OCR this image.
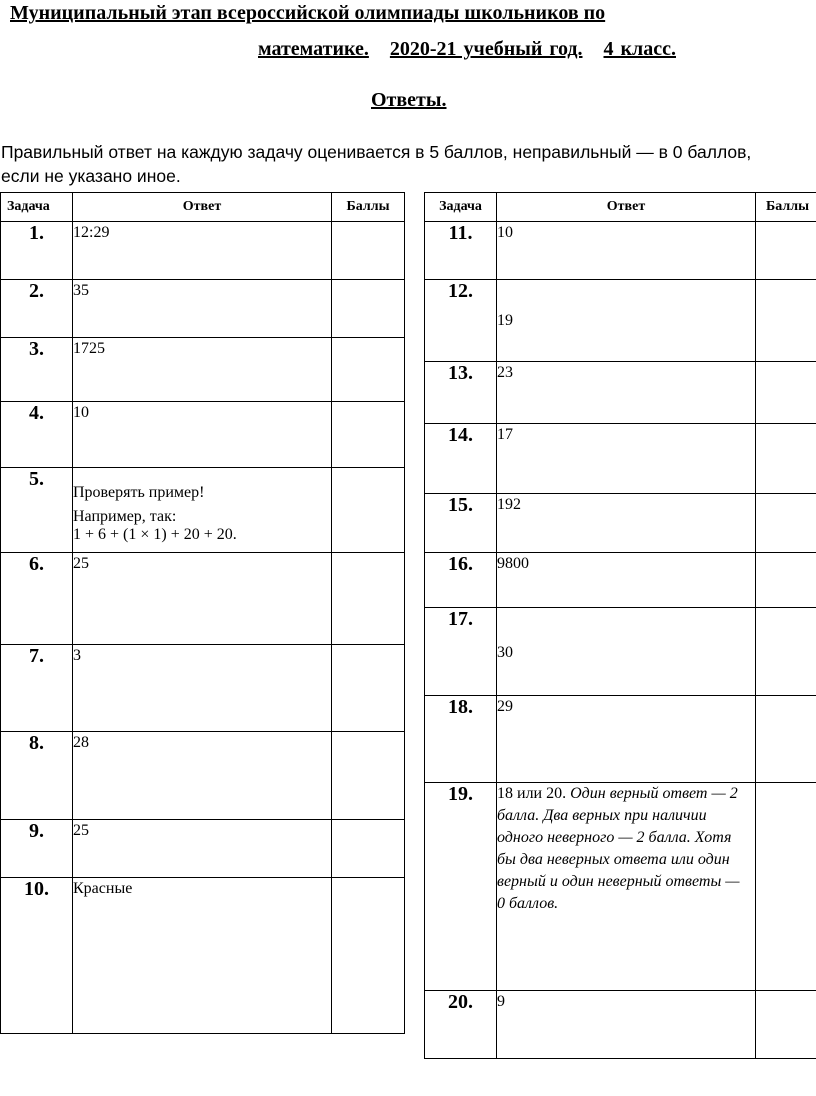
Муниципальный этап всероссийской олимпиады школьников по
математике. 2020-21 учебный год. 4 класс.
Ответы.
Правильный ответ на каждую задачу оценивается в 5 баллов, неправильный — в 0 баллов,
если не указано иное.
Задача	Ответ	Баллы
1.	12:29	
2.	35	
3.	1725	
4.	10	
5.	Проверять пример!
Например, так:
1 + 6 + (1 × 1) + 20 + 20.	

6.	25	
7.	3	
8.	28	
9.	25	
10.	Красные	
Задача	Ответ	Баллы
11.	10	
12.	19	
13.	23	
14.	17	
15.	192	
16.	9800	
17.	30	
18.	29	
19.	18 или 20. Один верный ответ — 2 балла. Два верных при наличии одного неверного — 2 балла. Хотя бы два неверных ответа или один верный и один неверный ответы — 0 баллов.	
20.	9	
